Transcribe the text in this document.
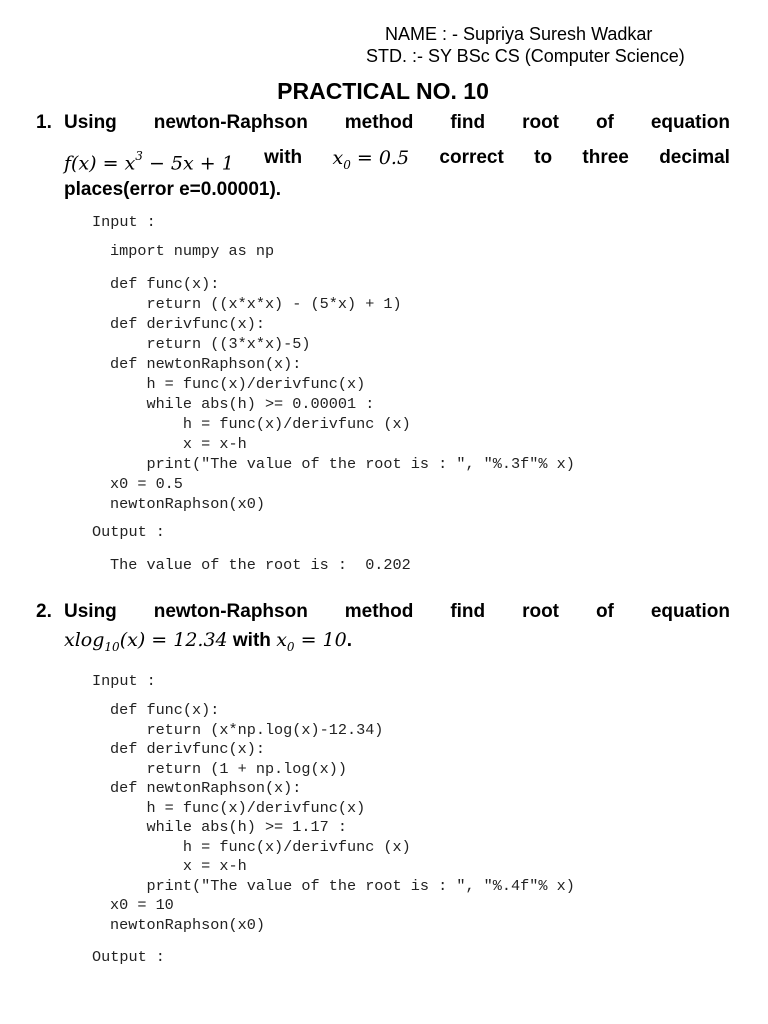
NAME : - Supriya Suresh Wadkar
STD. :- SY BSc CS (Computer Science)
PRACTICAL NO. 10
1. Using newton-Raphson method find root of equation
$f(x) = x^3 - 5x + 1$ with $x_0 = 0.5$ correct to three decimal
places(error e=0.00001).
Input :
import numpy as np
def func(x):
return ((x*x*x) - (5*x) + 1)
def derivfunc(x):
return ((3*x*x)-5)
def newtonRaphson(x):
h = func(x)/derivfunc(x)
while abs(h) >= 0.00001 :
h = func(x)/derivfunc (x)
x = x-h
print("The value of the root is : ", "%.3f"% x)
x0 = 0.5
newtonRaphson(x0)
Output :
The value of the root is :  0.202
2. Using newton-Raphson method find root of equation
xlog$_{10}$(x) = 12.34 with $x_0 = 10$.
Input :
def func(x):
return (x*np.log(x)-12.34)
def derivfunc(x):
return (1 + np.log(x))
def newtonRaphson(x):
h = func(x)/derivfunc(x)
while abs(h) >= 1.17 :
h = func(x)/derivfunc (x)
x = x-h
print("The value of the root is : ", "%.4f"% x)
x0 = 10
newtonRaphson(x0)
Output :
